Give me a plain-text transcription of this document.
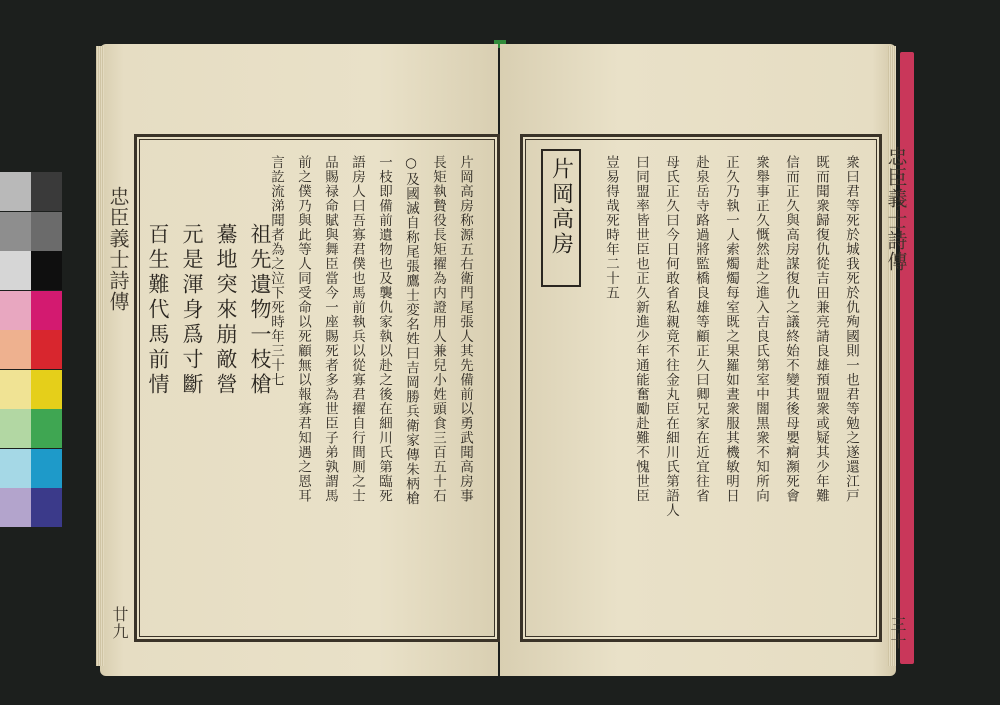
忠臣義士詩傳
廿九
片岡高房称源五右衛門尾張人其先備前以勇武聞高房事
長矩執贄役長矩擢為内證用人兼兒小姓頭食三百五十石
○及國滅自称尾張鷹士変名姓曰吉岡勝兵衛家傳朱柄槍
一枝即備前遺物也及襲仇家執以赴之後在細川氏第臨死
語房人曰吾寡君僕也馬前執兵以從寡君擢自行間厠之士
品賜禄命賦與舞臣當今一座賜死者多為世臣子弟孰謂馬
前之僕乃與此等人同受命以死顧無以報寡君知遇之恩耳
言訖流涕聞者為之泣下死時年三十七
祖先遺物一枝槍
驀地突來崩敵營
元是渾身爲寸斷
百生難代馬前情
片岡高房	衆曰君等死於城我死於仇殉國則一也君等勉之遂還江戸
既而聞衆歸復仇從吉田兼亮請良雄預盟衆或疑其少年難
信而正久與高房謀復仇之議終始不變其後母嬰痾瀕死會
衆舉事正久慨然赴之進入吉良氏第室中闇黒衆不知所向
正久乃執一人索燭燭每室既之果羅如晝衆服其機敏明日
赴泉岳寺路過將監橋良雄等顧正久曰卿兄家在近宜往省
母氏正久曰今日何敢省私親竟不往金丸臣在細川氏第語人
曰同盟率皆世臣也正久新進少年通能奮勵赴難不愧世臣
豈易得哉死時年二十五	忠臣義士詩傳
三十
